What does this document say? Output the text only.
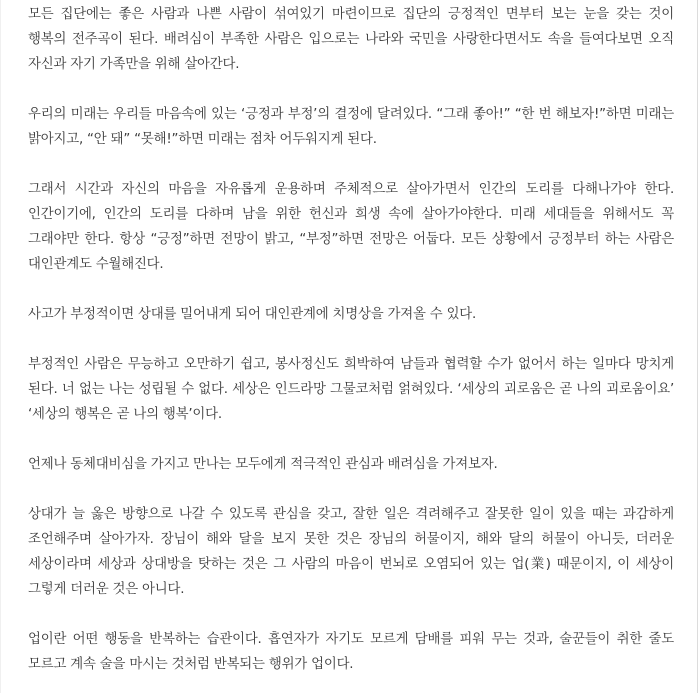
모든 집단에는 좋은 사람과 나쁜 사람이 섞여있기 마련이므로 집단의 긍정적인 면부터 보는 눈을 갖는 것이 행복의 전주곡이 된다. 배려심이 부족한 사람은 입으로는 나라와 국민을 사랑한다면서도 속을 들여다보면 오직 자신과 자기 가족만을 위해 살아간다.

우리의 미래는 우리들 마음속에 있는 ‘긍정과 부정’의 결정에 달려있다. “그래 좋아!” “한 번 해보자!”하면 미래는 밝아지고, “안 돼” “못해!”하면 미래는 점차 어두워지게 된다.

그래서 시간과 자신의 마음을 자유롭게 운용하며 주체적으로 살아가면서 인간의 도리를 다해나가야 한다. 인간이기에, 인간의 도리를 다하며 남을 위한 헌신과 희생 속에 살아가야한다. 미래 세대들을 위해서도 꼭 그래야만 한다. 항상 “긍정”하면 전망이 밝고, “부정”하면 전망은 어둡다. 모든 상황에서 긍정부터 하는 사람은 대인관계도 수월해진다.

사고가 부정적이면 상대를 밀어내게 되어 대인관계에 치명상을 가져올 수 있다.

부정적인 사람은 무능하고 오만하기 쉽고, 봉사정신도 희박하여 남들과 협력할 수가 없어서 하는 일마다 망치게 된다. 너 없는 나는 성립될 수 없다. 세상은 인드라망 그물코처럼 얽혀있다. ‘세상의 괴로움은 곧 나의 괴로움이요’ ‘세상의 행복은 곧 나의 행복’이다.

언제나 동체대비심을 가지고 만나는 모두에게 적극적인 관심과 배려심을 가져보자.

상대가 늘 옳은 방향으로 나갈 수 있도록 관심을 갖고, 잘한 일은 격려해주고 잘못한 일이 있을 때는 과감하게 조언해주며 살아가자. 장님이 해와 달을 보지 못한 것은 장님의 허물이지, 해와 달의 허물이 아니듯, 더러운 세상이라며 세상과 상대방을 탓하는 것은 그 사람의 마음이 번뇌로 오염되어 있는 업(業) 때문이지, 이 세상이 그렇게 더러운 것은 아니다.

업이란 어떤 행동을 반복하는 습관이다. 흡연자가 자기도 모르게 담배를 피워 무는 것과, 술꾼들이 취한 줄도 모르고 계속 술을 마시는 것처럼 반복되는 행위가 업이다.
